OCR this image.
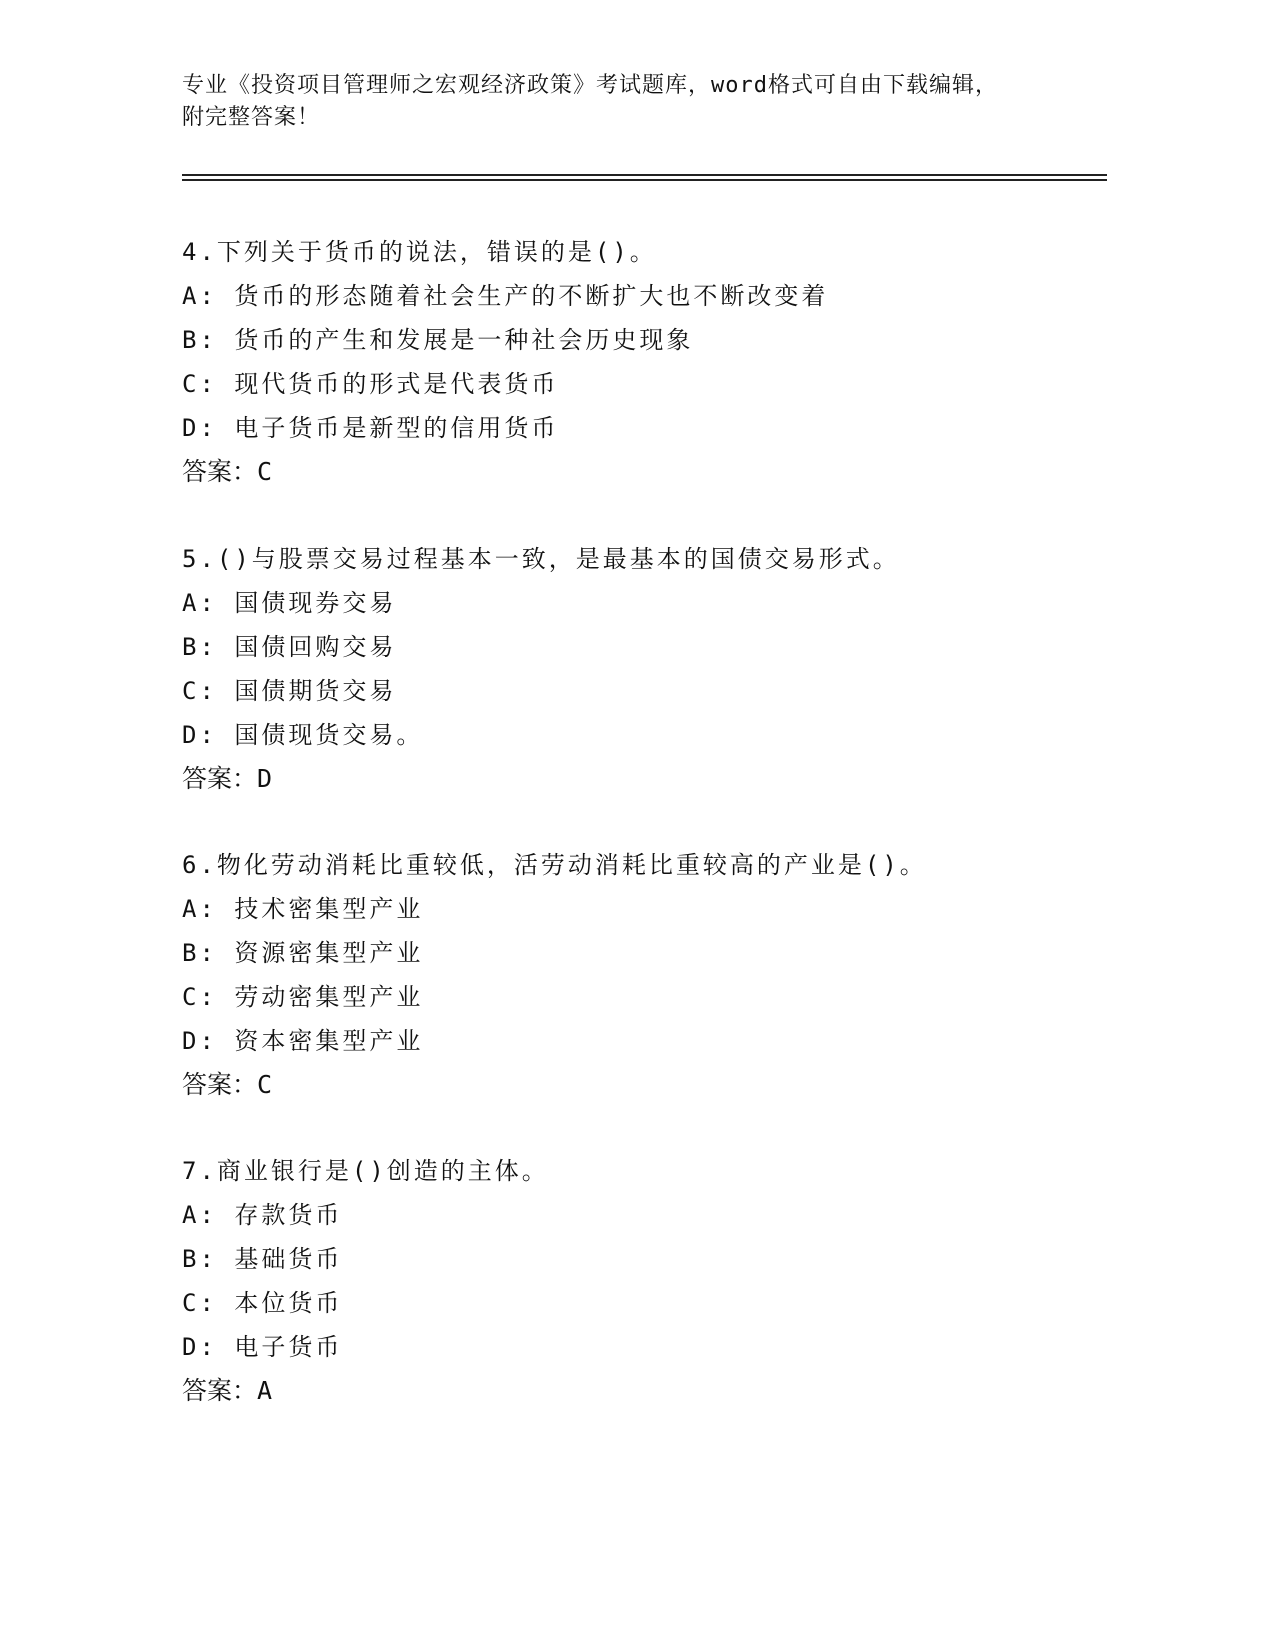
专业《投资项目管理师之宏观经济政策》考试题库，word格式可自由下载编辑，
附完整答案！
4.下列关于货币的说法，错误的是()。
A: 货币的形态随着社会生产的不断扩大也不断改变着
B: 货币的产生和发展是一种社会历史现象
C: 现代货币的形式是代表货币
D: 电子货币是新型的信用货币
答案：C
5.()与股票交易过程基本一致，是最基本的国债交易形式。
A: 国债现券交易
B: 国债回购交易
C: 国债期货交易
D: 国债现货交易。
答案：D
6.物化劳动消耗比重较低，活劳动消耗比重较高的产业是()。
A: 技术密集型产业
B: 资源密集型产业
C: 劳动密集型产业
D: 资本密集型产业
答案：C
7.商业银行是()创造的主体。
A: 存款货币
B: 基础货币
C: 本位货币
D: 电子货币
答案：A
